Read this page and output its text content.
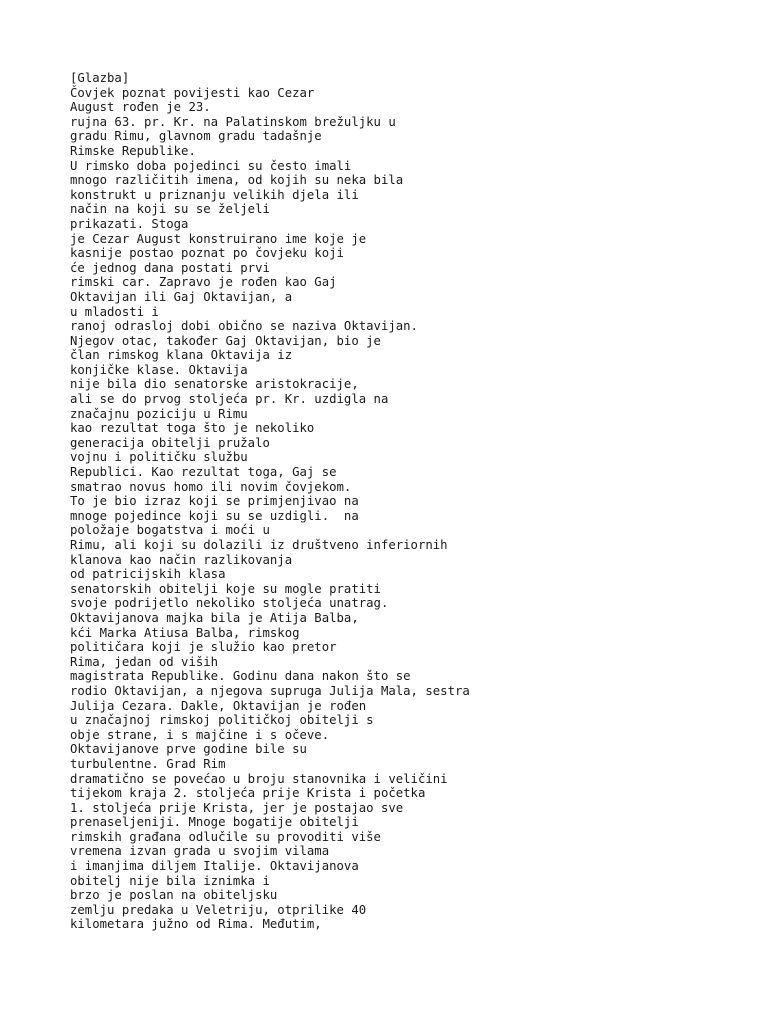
[Glazba]

Čovjek poznat povijesti kao Cezar

August rođen je 23.

rujna 63. pr. Kr. na Palatinskom brežuljku u

gradu Rimu, glavnom gradu tadašnje

Rimske Republike.

U rimsko doba pojedinci su često imali

mnogo različitih imena, od kojih su neka bila

konstrukt u priznanju velikih djela ili

način na koji su se željeli

prikazati. Stoga

je Cezar August konstruirano ime koje je

kasnije postao poznat po čovjeku koji

će jednog dana postati prvi

rimski car. Zapravo je rođen kao Gaj

Oktavijan ili Gaj Oktavijan, a

u mladosti i

ranoj odrasloj dobi obično se naziva Oktavijan.

Njegov otac, također Gaj Oktavijan, bio je

član rimskog klana Oktavija iz

konjičke klase. Oktavija

nije bila dio senatorske aristokracije,

ali se do prvog stoljeća pr. Kr. uzdigla na

značajnu poziciju u Rimu

kao rezultat toga što je nekoliko

generacija obitelji pružalo

vojnu i političku službu

Republici. Kao rezultat toga, Gaj se

smatrao novus homo ili novim čovjekom.

To je bio izraz koji se primjenjivao na

mnoge pojedince koji su se uzdigli.  na

položaje bogatstva i moći u

Rimu, ali koji su dolazili iz društveno inferiornih

klanova kao način razlikovanja

od patricijskih klasa

senatorskih obitelji koje su mogle pratiti

svoje podrijetlo nekoliko stoljeća unatrag.

Oktavijanova majka bila je Atija Balba,

kći Marka Atiusa Balba, rimskog

političara koji je služio kao pretor

Rima, jedan od viših

magistrata Republike. Godinu dana nakon što se

rodio Oktavijan, a njegova supruga Julija Mala, sestra

Julija Cezara. Dakle, Oktavijan je rođen

u značajnoj rimskoj političkoj obitelji s

obje strane, i s majčine i s očeve.

Oktavijanove prve godine bile su

turbulentne. Grad Rim

dramatično se povećao u broju stanovnika i veličini

tijekom kraja 2. stoljeća prije Krista i početka

1. stoljeća prije Krista, jer je postajao sve

prenaseljeniji. Mnoge bogatije obitelji

rimskih građana odlučile su provoditi više

vremena izvan grada u svojim vilama

i imanjima diljem Italije. Oktavijanova

obitelj nije bila iznimka i

brzo je poslan na obiteljsku

zemlju predaka u Veletriju, otprilike 40

kilometara južno od Rima. Međutim,
